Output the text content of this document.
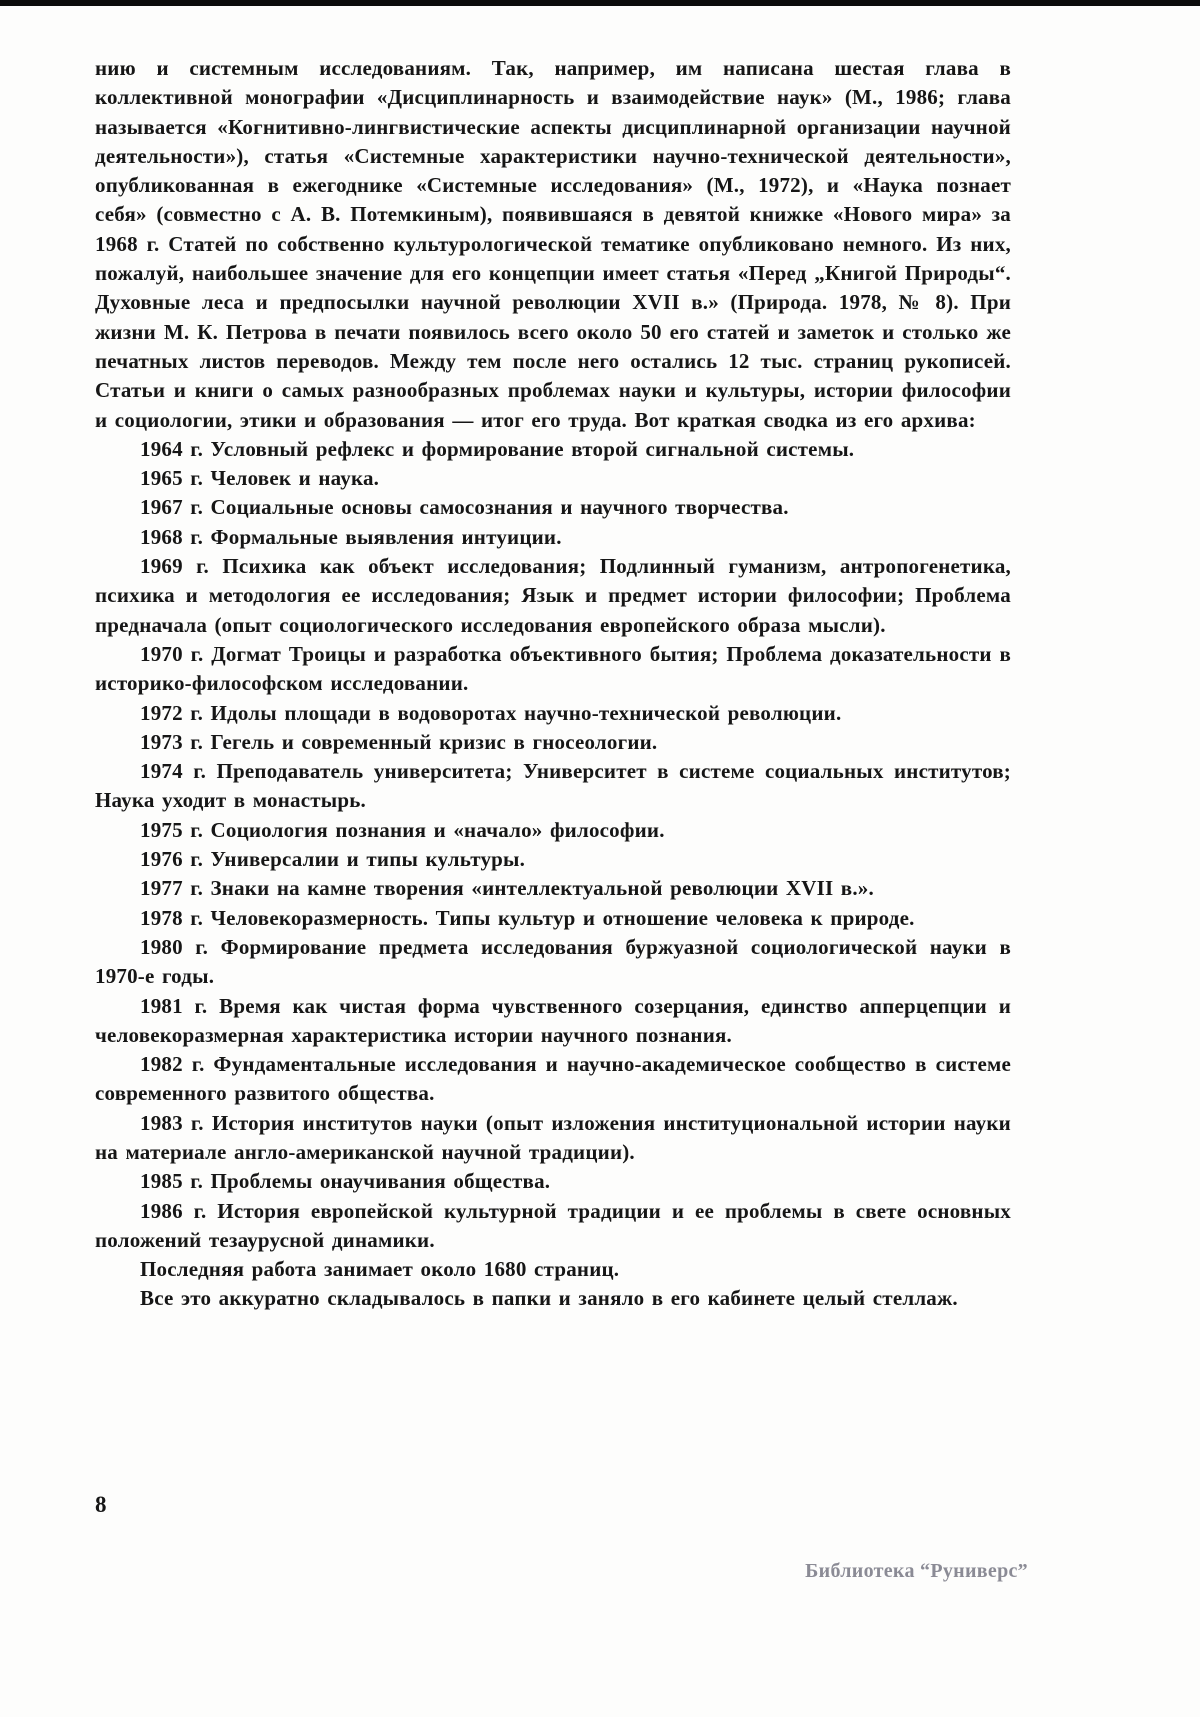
нию и системным исследованиям. Так, например, им написана шестая глава в коллективной монографии «Дисциплинарность и взаимодействие наук» (М., 1986; глава называется «Когнитивно-лингвистические аспекты дисциплинарной организации научной деятельности»), статья «Системные характеристики научно-технической деятельности», опубликованная в ежегоднике «Системные исследования» (М., 1972), и «Наука познает себя» (совместно с А. В. Потемкиным), появившаяся в девятой книжке «Нового мира» за 1968 г. Статей по собственно культурологической тематике опубликовано немного. Из них, пожалуй, наибольшее значение для его концепции имеет статья «Перед „Книгой Природы“. Духовные леса и предпосылки научной революции XVII в.» (Природа. 1978, № 8). При жизни М. К. Петрова в печати появилось всего около 50 его статей и заметок и столько же печатных листов переводов. Между тем после него остались 12 тыс. страниц рукописей. Статьи и книги о самых разнообразных проблемах науки и культуры, истории философии и социологии, этики и образования — итог его труда. Вот краткая сводка из его архива:

1964 г. Условный рефлекс и формирование второй сигнальной системы.

1965 г. Человек и наука.

1967 г. Социальные основы самосознания и научного творчества.

1968 г. Формальные выявления интуиции.

1969 г. Психика как объект исследования; Подлинный гуманизм, антропогенетика, психика и методология ее исследования; Язык и предмет истории философии; Проблема предначала (опыт социологического исследования европейского образа мысли).

1970 г. Догмат Троицы и разработка объективного бытия; Проблема доказательности в историко-философском исследовании.

1972 г. Идолы площади в водоворотах научно-технической революции.

1973 г. Гегель и современный кризис в гносеологии.

1974 г. Преподаватель университета; Университет в системе социальных институтов; Наука уходит в монастырь.

1975 г. Социология познания и «начало» философии.

1976 г. Универсалии и типы культуры.

1977 г. Знаки на камне творения «интеллектуальной революции XVII в.».

1978 г. Человекоразмерность. Типы культур и отношение человека к природе.

1980 г. Формирование предмета исследования буржуазной социологической науки в 1970-е годы.

1981 г. Время как чистая форма чувственного созерцания, единство апперцепции и человекоразмерная характеристика истории научного познания.

1982 г. Фундаментальные исследования и научно-академическое сообщество в системе современного развитого общества.

1983 г. История институтов науки (опыт изложения институциональной истории науки на материале англо-американской научной традиции).

1985 г. Проблемы онаучивания общества.

1986 г. История европейской культурной традиции и ее проблемы в свете основных положений тезаурусной динамики.

Последняя работа занимает около 1680 страниц.

Все это аккуратно складывалось в папки и заняло в его кабинете целый стеллаж.

8
Библиотека “Руниверс”
